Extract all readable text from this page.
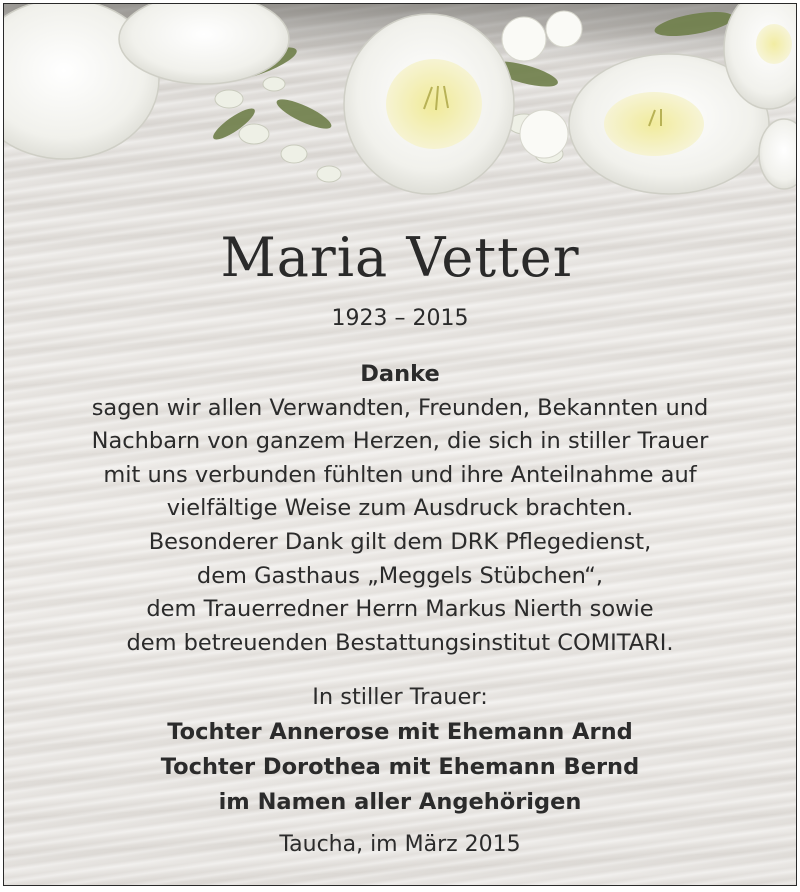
Maria Vetter
1923 – 2015
Danke
sagen wir allen Verwandten, Freunden, Bekannten und
Nachbarn von ganzem Herzen, die sich in stiller Trauer
mit uns verbunden fühlten und ihre Anteilnahme auf
vielfältige Weise zum Ausdruck brachten.
Besonderer Dank gilt dem DRK Pflegedienst,
dem Gasthaus „Meggels Stübchen“,
dem Trauerredner Herrn Markus Nierth sowie
dem betreuenden Bestattungsinstitut COMITARI.
In stiller Trauer:
Tochter Annerose mit Ehemann Arnd
Tochter Dorothea mit Ehemann Bernd
im Namen aller Angehörigen
Taucha, im März 2015
